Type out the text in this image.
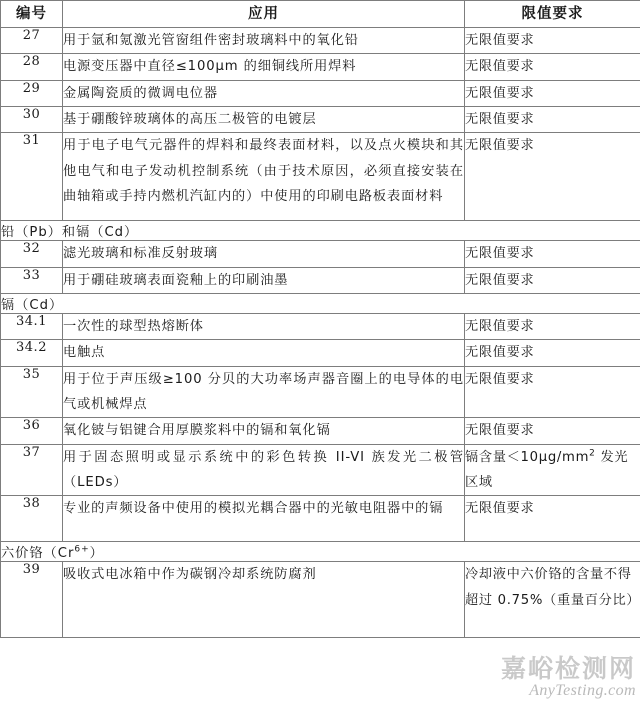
编号	应用	限值要求
27	用于氩和氪激光管窗组件密封玻璃料中的氧化铅	无限值要求
28	电源变压器中直径≤100μm 的细铜线所用焊料	无限值要求
29	金属陶瓷质的微调电位器	无限值要求
30	基于硼酸锌玻璃体的高压二极管的电镀层	无限值要求
31	用于电子电气元器件的焊料和最终表面材料，以及点火模块和其他电气和电子发动机控制系统（由于技术原因，必须直接安装在曲轴箱或手持内燃机汽缸内的）中使用的印刷电路板表面材料	无限值要求
铅（Pb）和镉（Cd）		
32	滤光玻璃和标准反射玻璃	无限值要求
33	用于硼硅玻璃表面瓷釉上的印刷油墨	无限值要求
镉（Cd）		
34.1	一次性的球型热熔断体	无限值要求
34.2	电触点	无限值要求
35	用于位于声压级≥100 分贝的大功率场声器音圈上的电导体的电气或机械焊点	无限值要求
36	氧化铍与铝键合用厚膜浆料中的镉和氧化镉	无限值要求
37	用于固态照明或显示系统中的彩色转换 II-VI 族发光二极管（LEDs）	镉含量$<10\mu g/mm^2$ 发光区域
38	专业的声频设备中使用的模拟光耦合器中的光敏电阻器中的镉	无限值要求
六价铬$(Cr^{6+})$		
39	吸收式电冰箱中作为碳钢冷却系统防腐剂	冷却液中六价铬的含量不得超过 0.75%（重量百分比）
嘉峪检测网
AnyTesting.com
